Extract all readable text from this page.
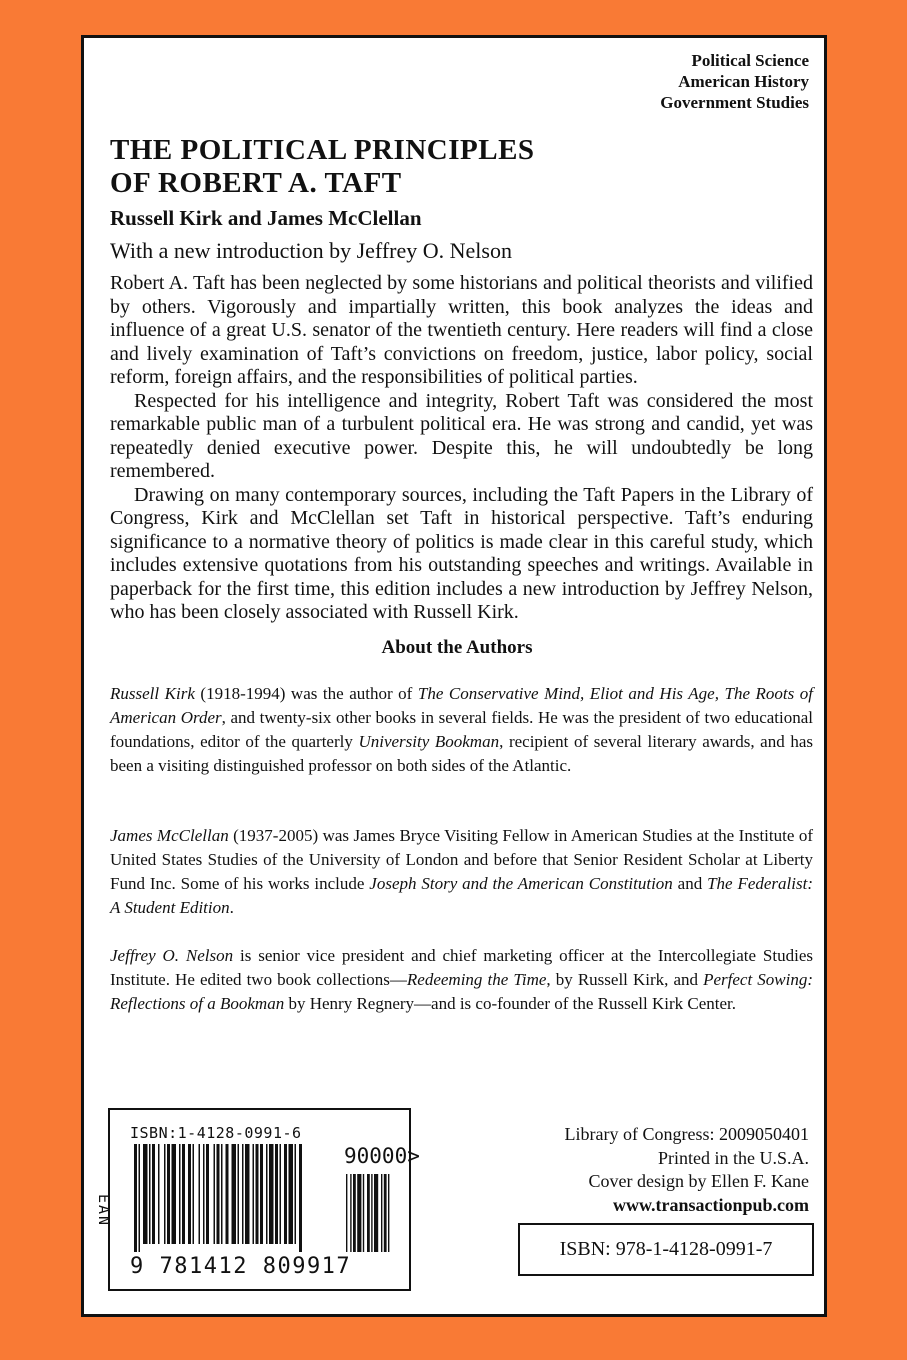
Political Science
American History
Government Studies
THE POLITICAL PRINCIPLES
OF ROBERT A. TAFT
Russell Kirk and James McClellan
With a new introduction by Jeffrey O. Nelson

Robert A. Taft has been neglected by some historians and political theorists and vilified by others. Vigorously and impartially written, this book analyzes the ideas and influence of a great U.S. senator of the twentieth century. Here readers will find a close and lively examination of Taft’s convictions on freedom, justice, labor policy, social reform, foreign affairs, and the responsibilities of political parties.

Respected for his intelligence and integrity, Robert Taft was considered the most remarkable public man of a turbulent political era. He was strong and candid, yet was repeatedly denied executive power. Despite this, he will undoubtedly be long remembered.

Drawing on many contemporary sources, including the Taft Papers in the Library of Congress, Kirk and McClellan set Taft in historical perspective. Taft’s enduring significance to a normative theory of politics is made clear in this careful study, which includes extensive quotations from his outstanding speeches and writings. Available in paperback for the first time, this edition includes a new introduction by Jeffrey Nelson, who has been closely associated with Russell Kirk.

About the Authors

Russell Kirk (1918-1994) was the author of The Conservative Mind, Eliot and His Age, The Roots of American Order, and twenty-six other books in several fields. He was the president of two educational foundations, editor of the quarterly University Bookman, recipient of several literary awards, and has been a visiting distinguished professor on both sides of the Atlantic.

James McClellan (1937-2005) was James Bryce Visiting Fellow in American Studies at the Institute of United States Studies of the University of London and before that Senior Resident Scholar at Liberty Fund Inc. Some of his works include Joseph Story and the American Constitution and The Federalist: A Student Edition.

Jeffrey O. Nelson is senior vice president and chief marketing officer at the Intercollegiate Studies Institute. He edited two book collections—Redeeming the Time, by Russell Kirk, and Perfect Sowing: Reflections of a Bookman by Henry Regnery—and is co-founder of the Russell Kirk Center.

ISBN:1-4128-0991-6
EAN
90000>
9 781412 809917
Library of Congress: 2009050401
Printed in the U.S.A.
Cover design by Ellen F. Kane
www.transactionpub.com
ISBN: 978-1-4128-0991-7
